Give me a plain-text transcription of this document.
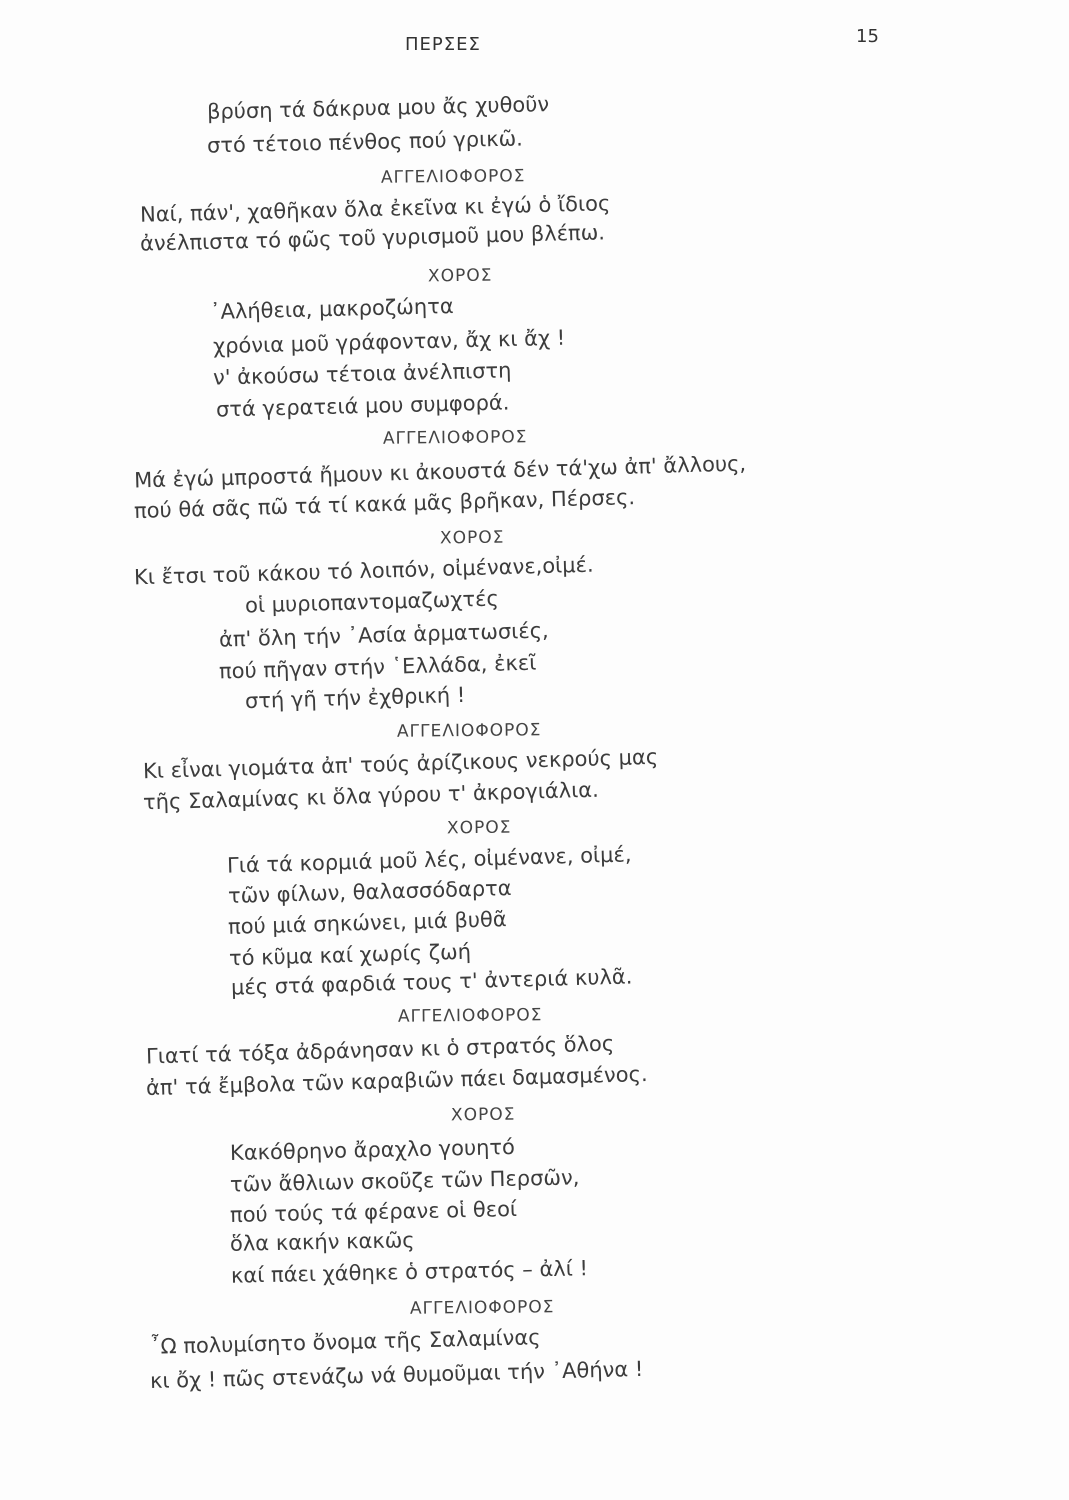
ΠΕΡΣΕΣ	15
βρύση τά δάκρυα μου ἄς χυθοῦν
στό τέτοιο πένθος πού γρικῶ.
ΑΓΓΕΛΙΟΦΟΡΟΣ
Ναί, πάν', χαθῆκαν ὅλα ἐκεῖνα κι ἐγώ ὁ ἴδιος
ἀνέλπιστα τό φῶς τοῦ γυρισμοῦ μου βλέπω.
ΧΟΡΟΣ
᾿Αλήθεια, μακροζώητα
χρόνια μοῦ γράφονταν, ἄχ κι ἄχ !
ν' ἀκούσω τέτοια ἀνέλπιστη
στά γερατειά μου συμφορά.
ΑΓΓΕΛΙΟΦΟΡΟΣ
Μά ἐγώ μπροστά ἤμουν κι ἀκουστά δέν τά'χω ἀπ' ἄλλους,
πού θά σᾶς πῶ τά τί κακά μᾶς βρῆκαν, Πέρσες.
ΧΟΡΟΣ
Κι ἔτσι τοῦ κάκου τό λοιπόν, οἰμένανε,οἰμέ.
οἱ μυριοπαντομαζωχτές
ἀπ' ὅλη τήν ᾿Ασία ἁρματωσιές,
πού πῆγαν στήν ῾Ελλάδα, ἐκεῖ
στή γῆ τήν ἐχθρική !
ΑΓΓΕΛΙΟΦΟΡΟΣ
Κι εἶναι γιομάτα ἀπ' τούς ἀρίζικους νεκρούς μας
τῆς Σαλαμίνας κι ὅλα γύρου τ' ἀκρογιάλια.
ΧΟΡΟΣ
Γιά τά κορμιά μοῦ λές, οἰμένανε, οἰμέ,
τῶν φίλων, θαλασσόδαρτα
πού μιά σηκώνει, μιά βυθᾶ
τό κῦμα καί χωρίς ζωή
μές στά φαρδιά τους τ' ἀντεριά κυλᾶ.
ΑΓΓΕΛΙΟΦΟΡΟΣ
Γιατί τά τόξα ἀδράνησαν κι ὁ στρατός ὅλος
ἀπ' τά ἔμβολα τῶν καραβιῶν πάει δαμασμένος.
ΧΟΡΟΣ
Κακόθρηνο ἄραχλο γουητό
τῶν ἄθλιων σκοῦζε τῶν Περσῶν,
πού τούς τά φέρανε οἱ θεοί
ὅλα κακήν κακῶς
καί πάει χάθηκε ὁ στρατός – ἀλί !
ΑΓΓΕΛΙΟΦΟΡΟΣ
῏Ω πολυμίσητο ὄνομα τῆς Σαλαμίνας
κι ὄχ ! πῶς στενάζω νά θυμοῦμαι τήν ᾿Αθήνα !
